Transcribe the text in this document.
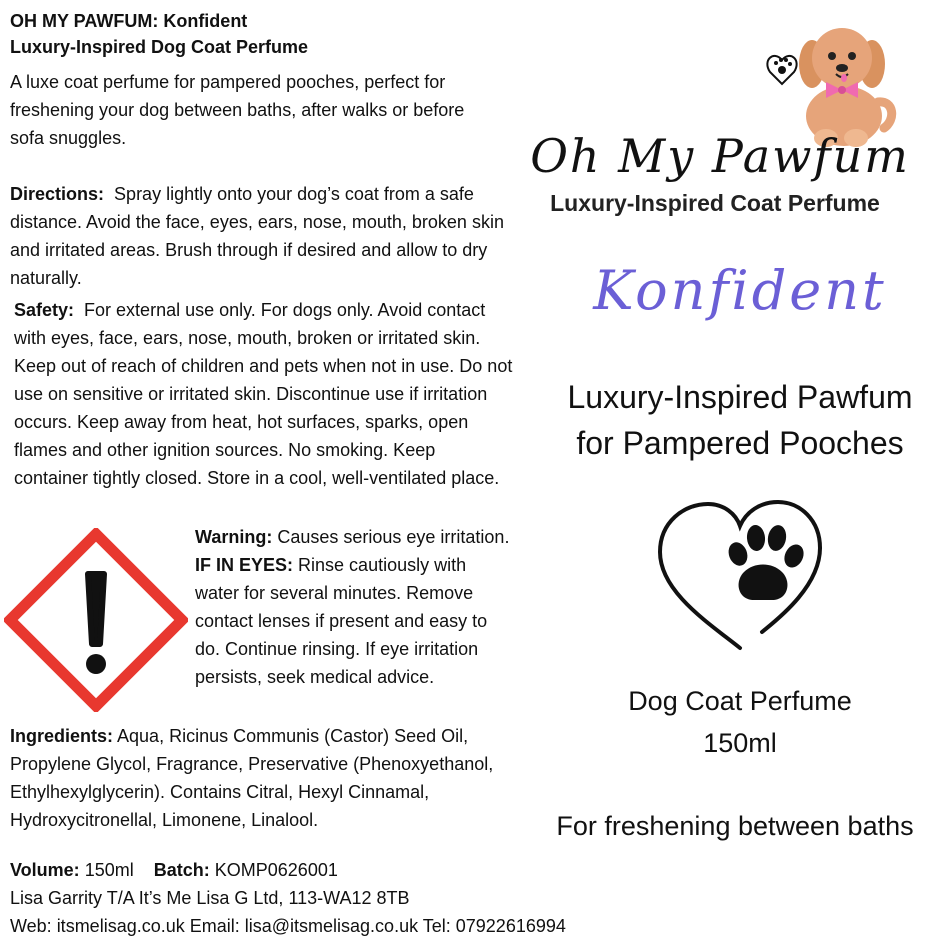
OH MY PAWFUM: Konfident
Luxury-Inspired Dog Coat Perfume
A luxe coat perfume for pampered pooches, perfect for freshening your dog between baths, after walks or before sofa snuggles.
Directions: Spray lightly onto your dog’s coat from a safe distance. Avoid the face, eyes, ears, nose, mouth, broken skin and irritated areas. Brush through if desired and allow to dry naturally.
Safety: For external use only. For dogs only. Avoid contact with eyes, face, ears, nose, mouth, broken or irritated skin. Keep out of reach of children and pets when not in use. Do not use on sensitive or irritated skin. Discontinue use if irritation occurs. Keep away from heat, hot surfaces, sparks, open flames and other ignition sources. No smoking. Keep container tightly closed. Store in a cool, well-ventilated place.
Warning: Causes serious eye irritation.
IF IN EYES: Rinse cautiously with water for several minutes. Remove contact lenses if present and easy to do. Continue rinsing. If eye irritation persists, seek medical advice.
Ingredients: Aqua, Ricinus Communis (Castor) Seed Oil, Propylene Glycol, Fragrance, Preservative (Phenoxyethanol, Ethylhexylglycerin). Contains Citral, Hexyl Cinnamal, Hydroxycitronellal, Limonene, Linalool.
Volume: 150ml Batch: KOMP0626001
Lisa Garrity T/A It’s Me Lisa G Ltd, 113-WA12 8TB
Web: itsmelisag.co.uk Email: lisa@itsmelisag.co.uk Tel: 07922616994
Oh My Pawfum
Luxury-Inspired Coat Perfume
Konfident
Luxury-Inspired Pawfum
for Pampered Pooches
Dog Coat Perfume
150ml
For freshening between baths
